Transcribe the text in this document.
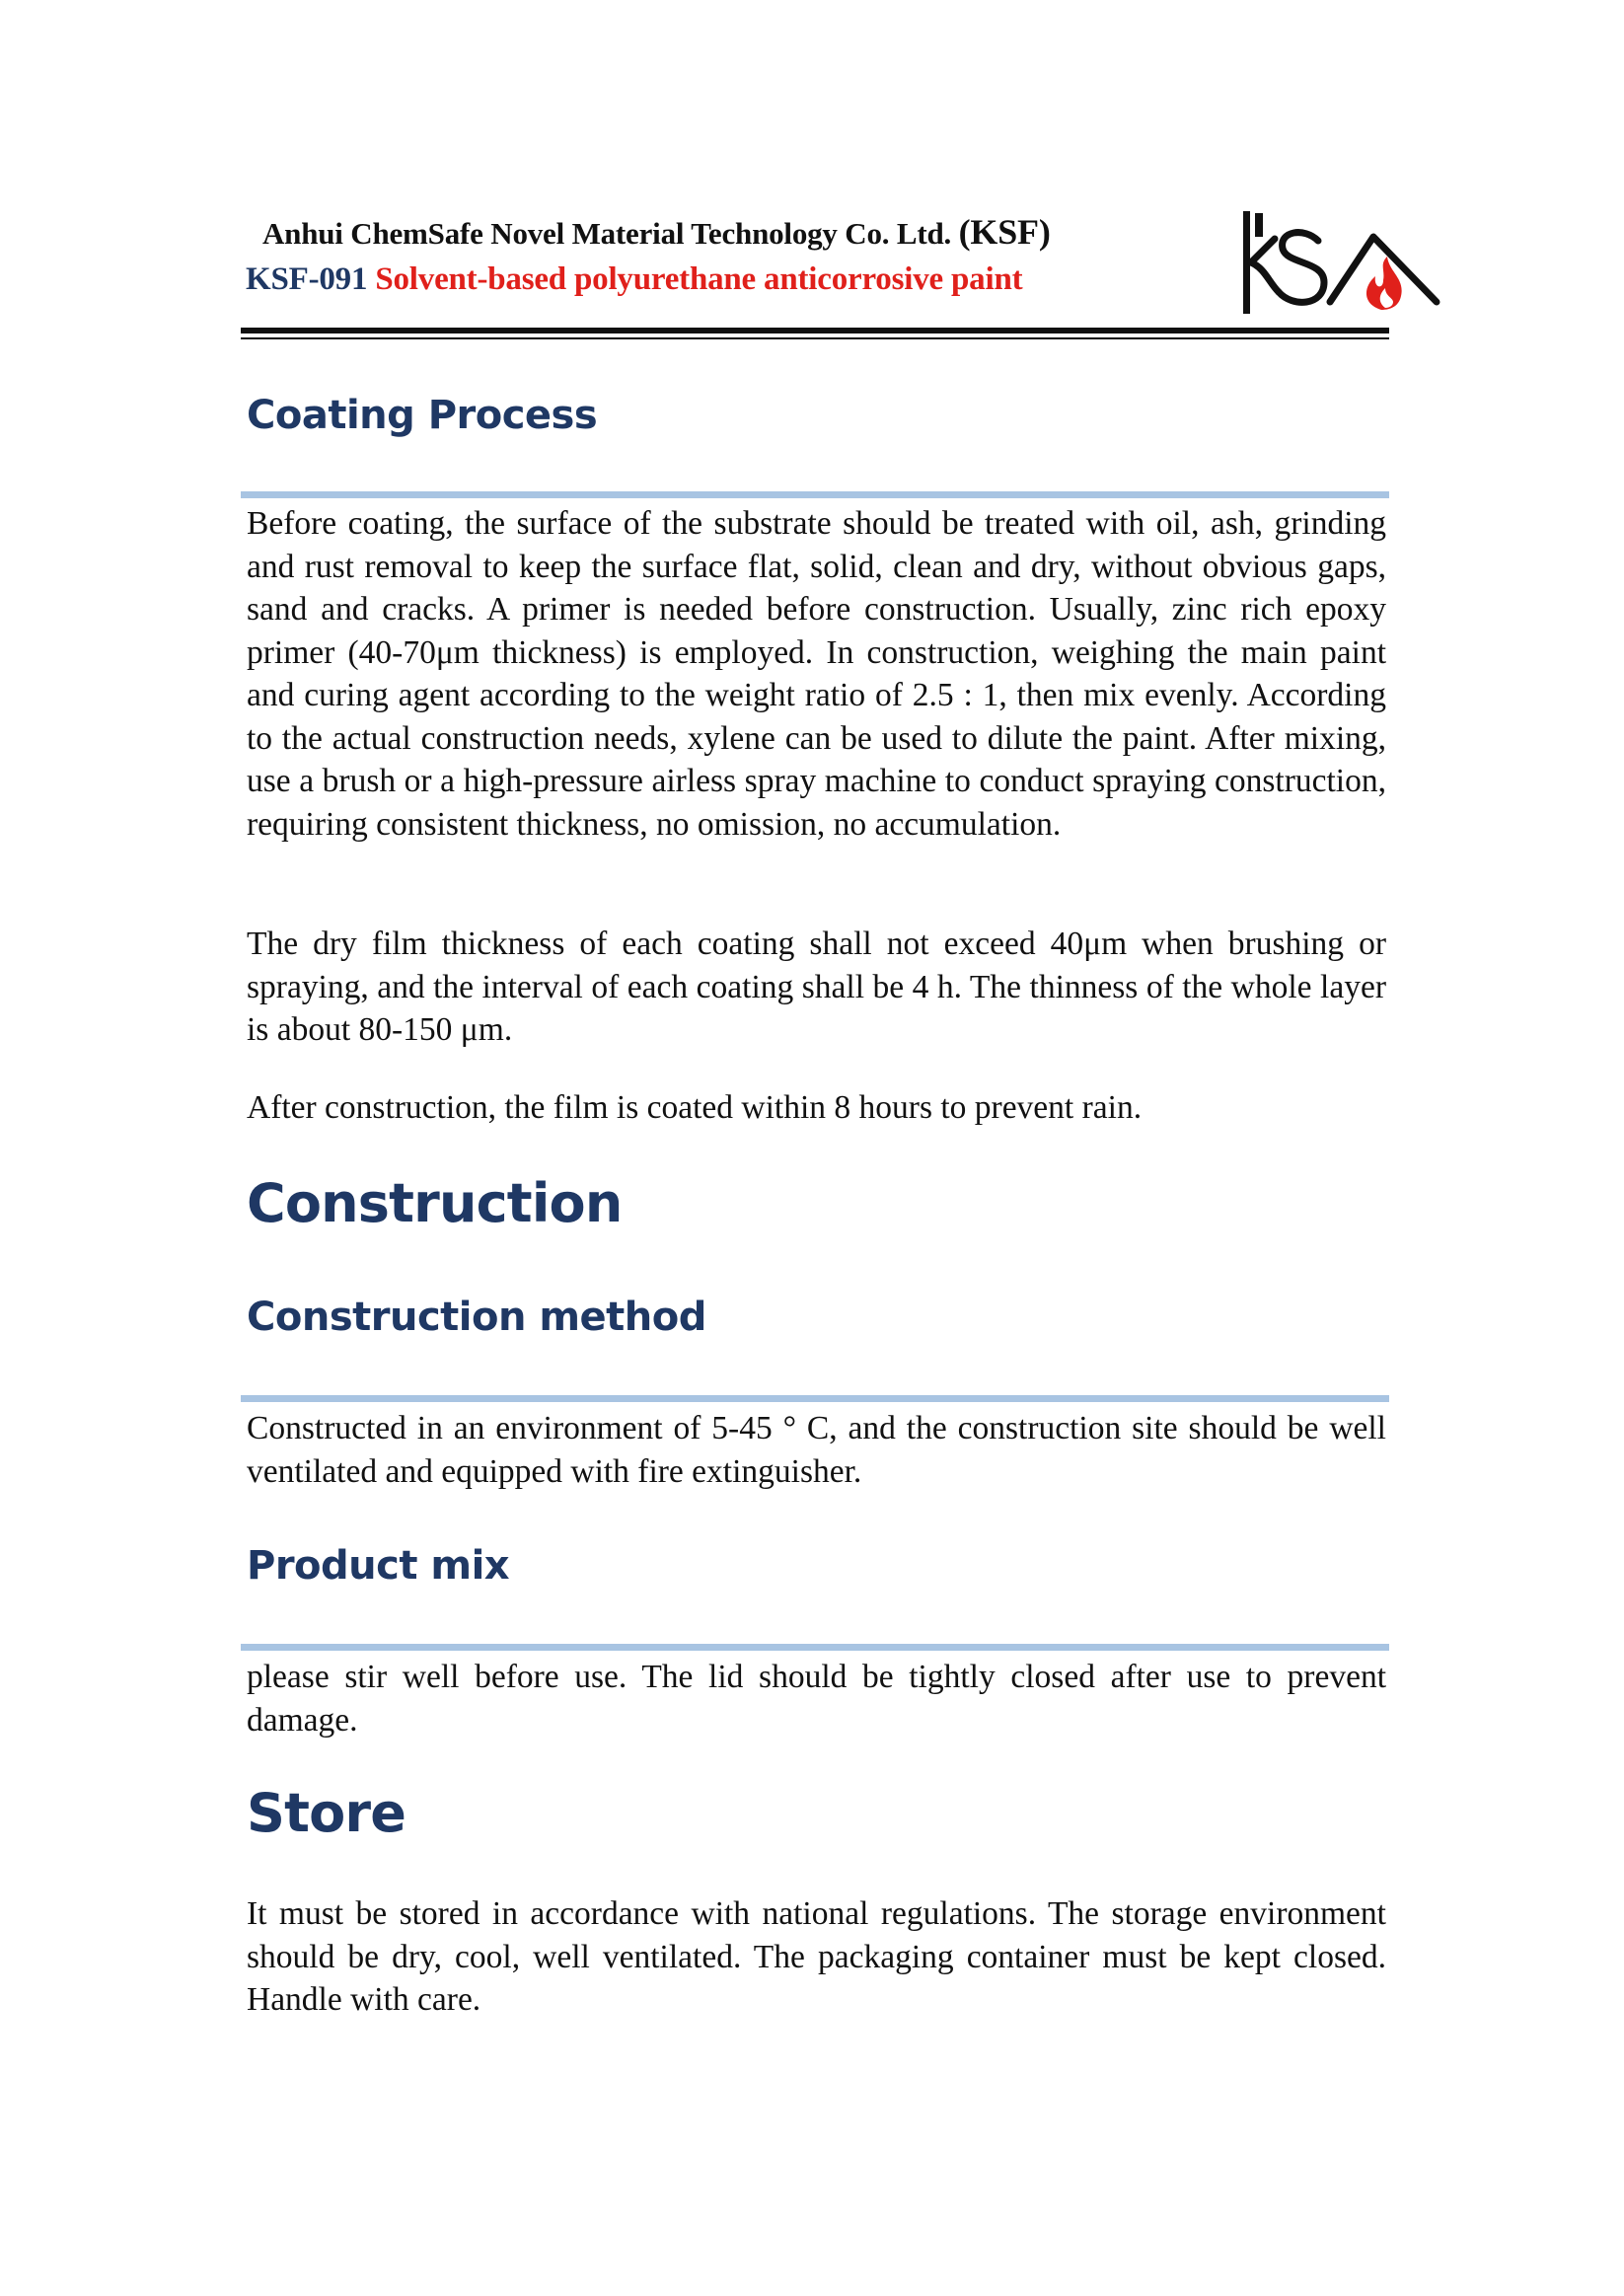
Anhui ChemSafe Novel Material Technology Co. Ltd. (KSF)
KSF-091 Solvent-based polyurethane anticorrosive paint
Coating Process

Before coating, the surface of the substrate should be treated with oil, ash, grinding and rust removal to keep the surface flat, solid, clean and dry, without obvious gaps, sand and cracks. A primer is needed before construction. Usually, zinc rich epoxy primer (40-70μm thickness) is employed. In construction, weighing the main paint and curing agent according to the weight ratio of 2.5 : 1, then mix evenly. According to the actual construction needs, xylene can be used to dilute the paint. After mixing, use a brush or a high-pressure airless spray machine to conduct spraying construction, requiring consistent thickness, no omission, no accumulation.

The dry film thickness of each coating shall not exceed 40μm when brushing or spraying, and the interval of each coating shall be 4 h. The thinness of the whole layer is about 80-150 μm.

After construction, the film is coated within 8 hours to prevent rain.

Construction
Construction method

Constructed in an environment of 5-45 ° C, and the construction site should be well ventilated and equipped with fire extinguisher.

Product mix

please stir well before use. The lid should be tightly closed after use to prevent damage.

Store

It must be stored in accordance with national regulations. The storage environment should be dry, cool, well ventilated. The packaging container must be kept closed. Handle with care.
